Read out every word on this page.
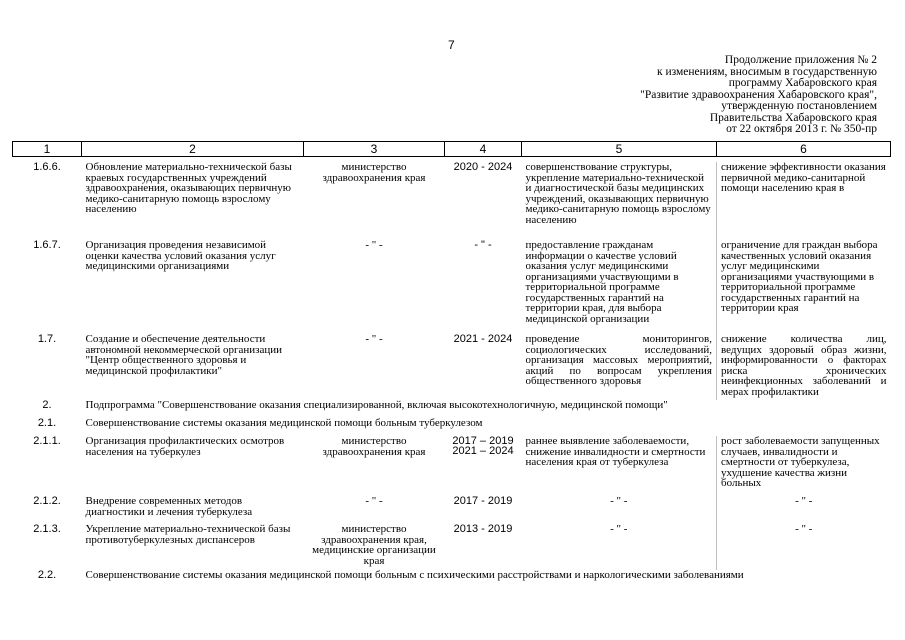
7
Продолжение приложения № 2
к изменениям, вносимым в государственную
программу Хабаровского края
"Развитие здравоохранения Хабаровского края",
утвержденную постановлением
Правительства Хабаровского края
от 22 октября 2013 г. № 350-пр
1	2	3	4	5	6

1.6.6.	Обновление материально-технической базы краевых государственных учреждений здравоохранения, оказывающих первичную медико-санитарную помощь взрослому населению	министерство здравоохранения края	2020 - 2024	совершенствование структуры, укрепление материально-технической и диагностической базы медицинских учреждений, оказывающих первичную медико-санитарную помощь взрослому населению	снижение эффективности оказания первичной медико-санитарной помощи населению края в
1.6.7.	Организация проведения независимой оценки качества условий оказания услуг медицинскими организациями	- " -	- " -	предоставление гражданам информации о качестве условий оказания услуг медицинскими организациями участвующими в территориальной программе государственных гарантий на территории края, для выбора медицинской организации	ограничение для граждан выбора качественных условий оказания услуг медицинскими организациями участвующими в территориальной программе государственных гарантий на территории края
1.7.	Создание и обеспечение деятельности автономной некоммерческой организации "Центр общественного здоровья и медицинской профилактики"	- " -	2021 - 2024	проведение мониторингов, социологических исследований, организация массовых мероприятий, акций по вопросам укрепления общественного здоровья	снижение количества лиц, ведущих здоровый образ жизни, информированности о факторах риска хронических неинфекционных заболеваний и мерах профилактики
2.	Подпрограмма "Совершенствование оказания специализированной, включая высокотехнологичную, медицинской помощи"				
2.1.	Совершенствование системы оказания медицинской помощи больным туберкулезом				
2.1.1.	Организация профилактических осмотров населения на туберкулез	министерство здравоохранения края	2017 – 2019 2021 – 2024	раннее выявление заболеваемости, снижение инвалидности и смертности населения края от туберкулеза	рост заболеваемости запущенных случаев, инвалидности и смертности от туберкулеза, ухудшение качества жизни больных
2.1.2.	Внедрение современных методов диагностики и лечения туберкулеза	- " -	2017 - 2019	- " -	- " -
2.1.3.	Укрепление материально-технической базы противотуберкулезных диспансеров	министерство здравоохранения края, медицинские организации края	2013 - 2019	- " -	- " -
2.2.	Совершенствование системы оказания медицинской помощи больным с психическими расстройствами и наркологическими заболеваниями				
